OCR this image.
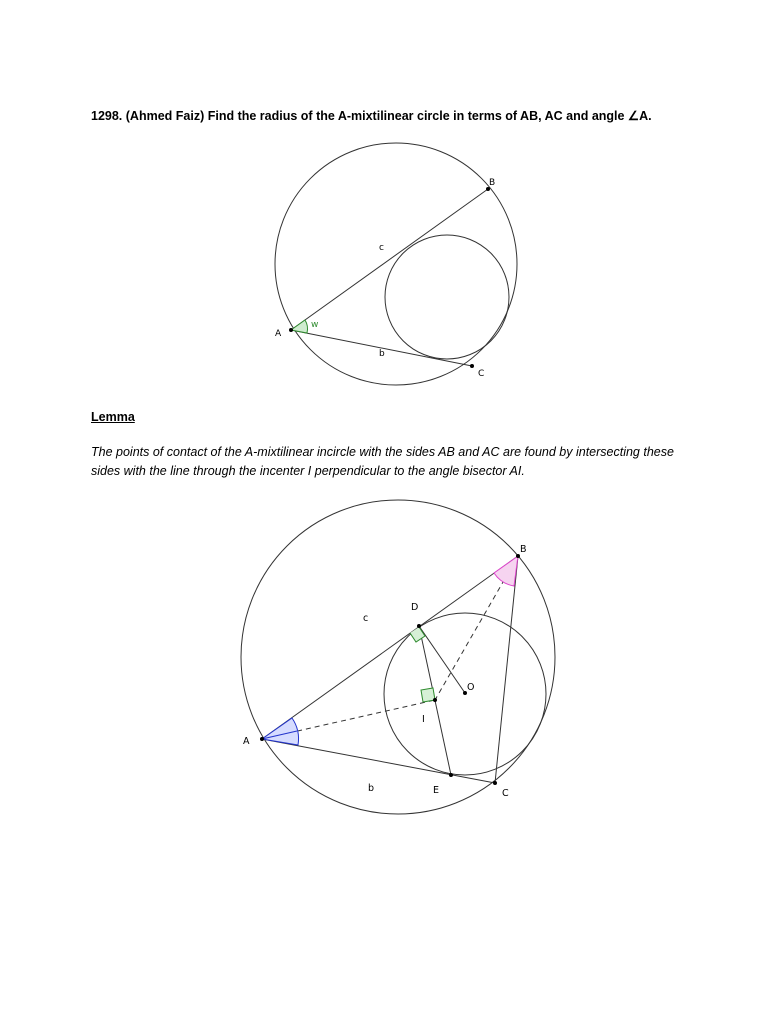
1298. (Ahmed Faiz) Find the radius of the A-mixtilinear circle in terms of AB, AC and angle ∠A.
A
B
C
c
b
w
A
B
C
D
E
I
O
c
b
Lemma
The points of contact of the A-mixtilinear incircle with the sides AB and AC are found by intersecting these sides with the line through the incenter I perpendicular to the angle bisector AI.
